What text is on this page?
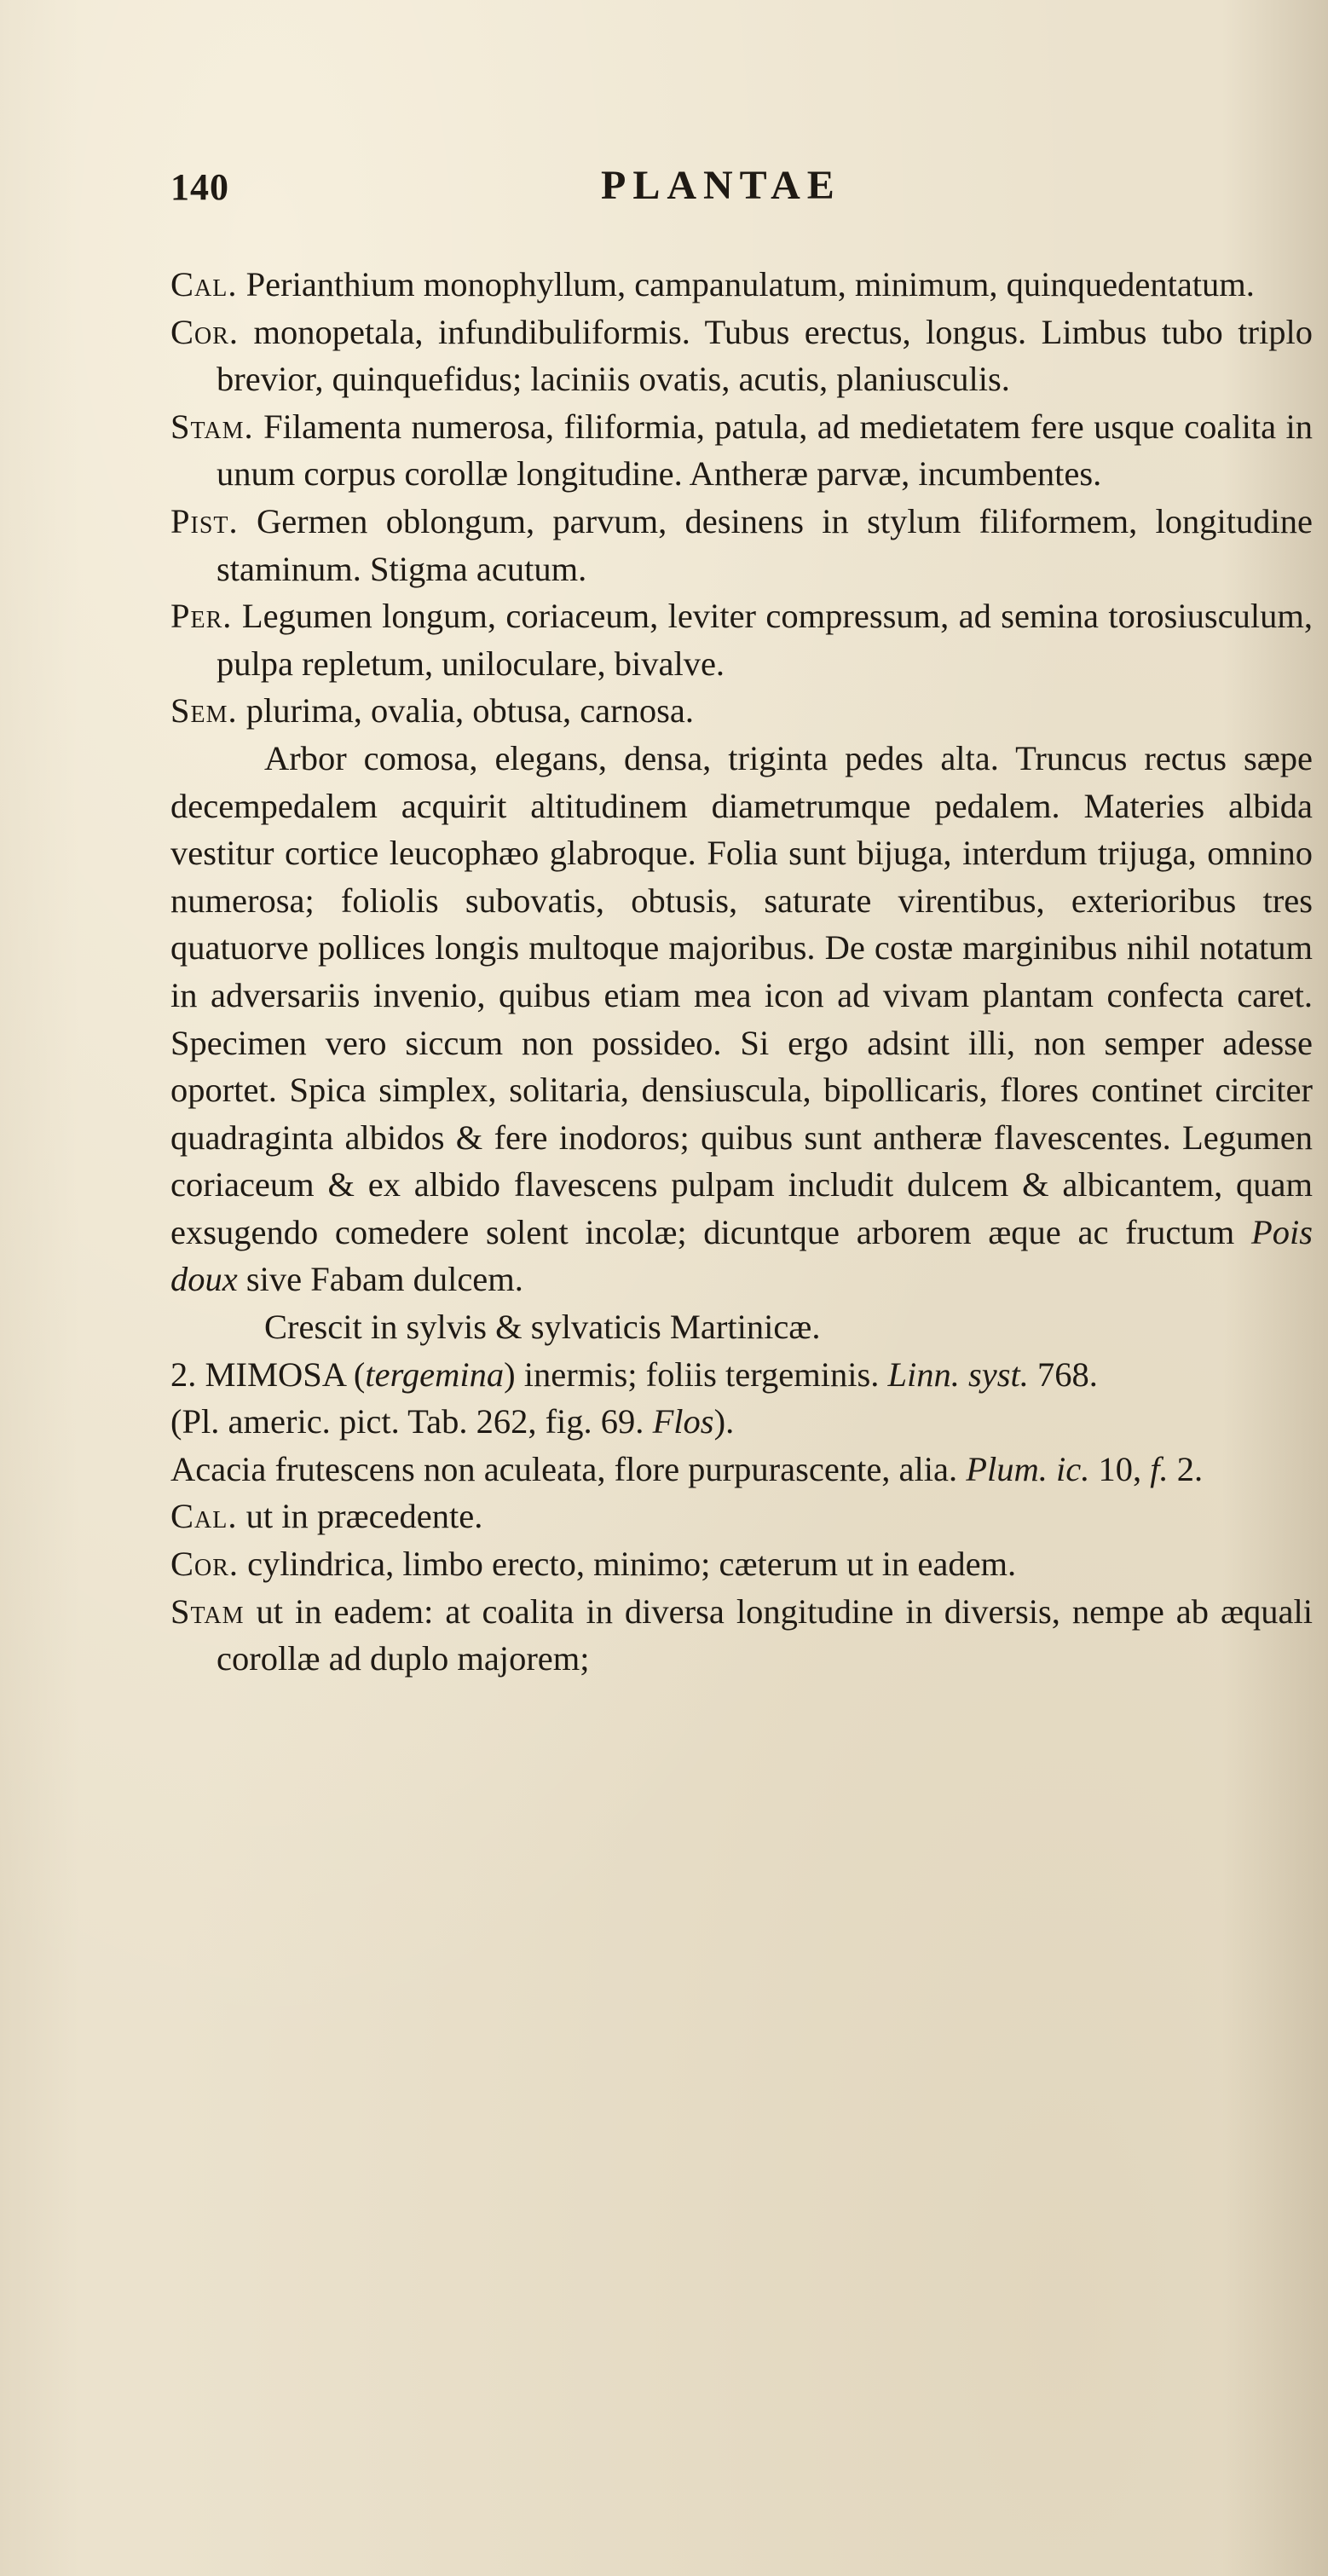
140	PLANTAE
Cal. Perianthium monophyllum, campanulatum, minimum, quinquedentatum.
Cor. monopetala, infundibuliformis. Tubus erectus, longus. Limbus tubo triplo brevior, quinquefidus; laciniis ovatis, acutis, planiusculis.
Stam. Filamenta numerosa, filiformia, patula, ad medietatem fere usque coalita in unum corpus corollæ longitudine. Antheræ parvæ, incumbentes.
Pist. Germen oblongum, parvum, desinens in stylum filiformem, longitudine staminum. Stigma acutum.
Per. Legumen longum, coriaceum, leviter compressum, ad semina torosiusculum, pulpa repletum, uniloculare, bivalve.
Sem. plurima, ovalia, obtusa, carnosa.
Arbor comosa, elegans, densa, triginta pedes alta. Truncus rectus sæpe decempedalem acquirit altitudinem diametrumque pedalem. Materies albida vestitur cortice leucophæo glabroque. Folia sunt bijuga, interdum trijuga, omnino numerosa; foliolis subovatis, obtusis, saturate virentibus, exterioribus tres quatuorve pollices longis multoque majoribus. De costæ marginibus nihil notatum in adversariis invenio, quibus etiam mea icon ad vivam plantam confecta caret. Specimen vero siccum non possideo. Si ergo adsint illi, non semper adesse oportet. Spica simplex, solitaria, densiuscula, bipollicaris, flores continet circiter quadraginta albidos & fere inodoros; quibus sunt antheræ flavescentes. Legumen coriaceum & ex albido flavescens pulpam includit dulcem & albicantem, quam exsugendo comedere solent incolæ; dicuntque arborem æque ac fructum Pois doux sive Fabam dulcem.
Crescit in sylvis & sylvaticis Martinicæ.
2. MIMOSA (tergemina) inermis; foliis tergeminis. Linn. syst. 768.
(Pl. americ. pict. Tab. 262, fig. 69. Flos).
Acacia frutescens non aculeata, flore purpurascente, alia. Plum. ic. 10, f. 2.
Cal. ut in præcedente.
Cor. cylindrica, limbo erecto, minimo; cæterum ut in eadem.
Stam ut in eadem: at coalita in diversa longitudine in diversis, nempe ab æquali corollæ ad duplo majorem;
